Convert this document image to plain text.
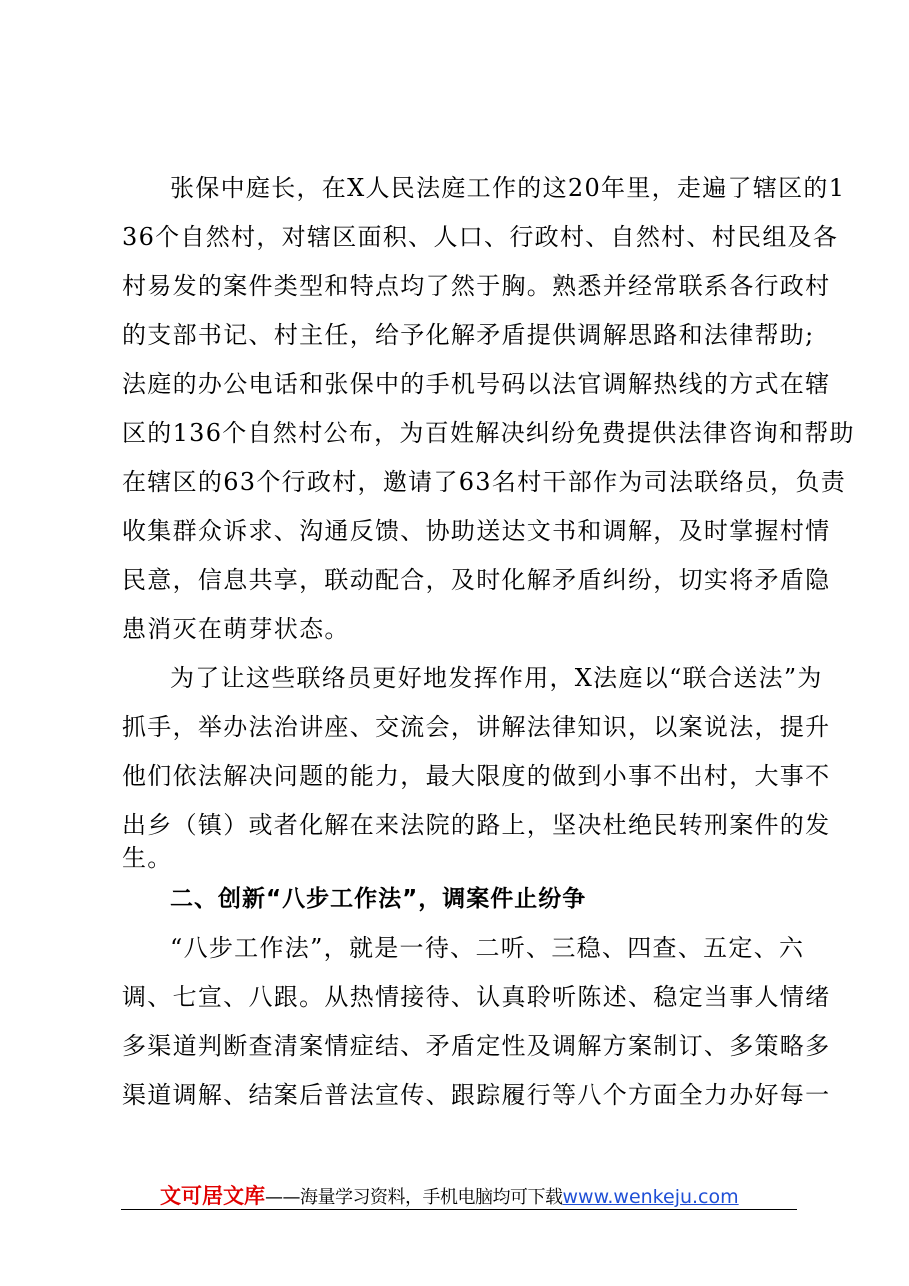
张保中庭长，在X人民法庭工作的这20年里，走遍了辖区的1
36个自然村，对辖区面积、人口、行政村、自然村、村民组及各
村易发的案件类型和特点均了然于胸。熟悉并经常联系各行政村
的支部书记、村主任，给予化解矛盾提供调解思路和法律帮助;
法庭的办公电话和张保中的手机号码以法官调解热线的方式在辖
区的136个自然村公布，为百姓解决纠纷免费提供法律咨询和帮助
在辖区的63个行政村，邀请了63名村干部作为司法联络员，负责
收集群众诉求、沟通反馈、协助送达文书和调解，及时掌握村情
民意，信息共享，联动配合，及时化解矛盾纠纷，切实将矛盾隐
患消灭在萌芽状态。
为了让这些联络员更好地发挥作用，X法庭以“联合送法”为
抓手，举办法治讲座、交流会，讲解法律知识，以案说法，提升
他们依法解决问题的能力，最大限度的做到小事不出村，大事不
出乡（镇）或者化解在来法院的路上，坚决杜绝民转刑案件的发
生。
二、创新“八步工作法”，调案件止纷争
“八步工作法”，就是一待、二听、三稳、四查、五定、六
调、七宣、八跟。从热情接待、认真聆听陈述、稳定当事人情绪
多渠道判断查清案情症结、矛盾定性及调解方案制订、多策略多
渠道调解、结案后普法宣传、跟踪履行等八个方面全力办好每一
文可居文库——海量学习资料，手机电脑均可下载www.wenkeju.com
